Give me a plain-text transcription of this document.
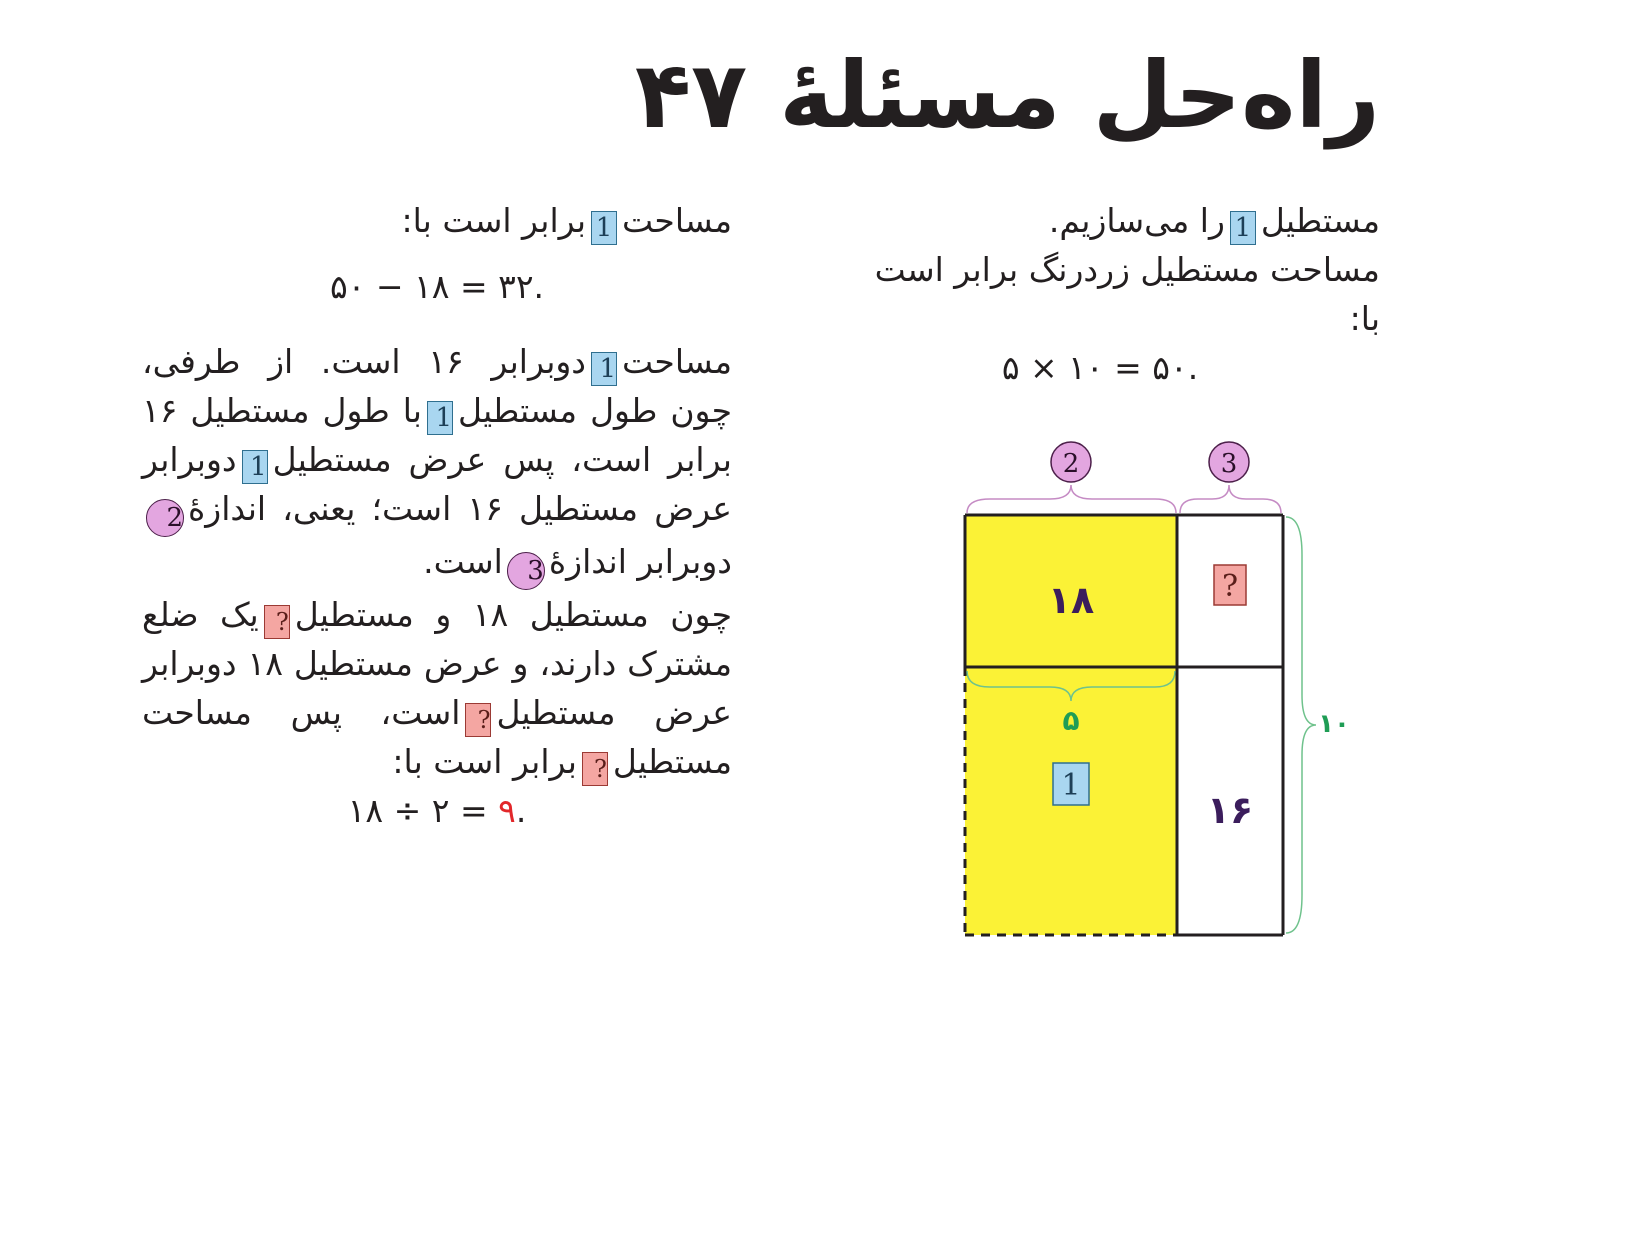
راه‌حل مسئلهٔ ۴۷

مستطیل1را می‌سازیم.

مساحت مستطیل زردرنگ برابر است

با:

۵ × ۱۰ = ۵۰.

مساحت1برابر است با:

۵۰ − ۱۸ = ۳۲.

مساحت1دوبرابر ۱۶ است. از طرفی، چون طول مستطیل1با طول مستطیل ۱۶ برابر است، پس عرض مستطیل1دوبرابر عرض مستطیل ۱۶ است؛ یعنی، اندازهٔ2دوبرابر اندازهٔ3است.

چون مستطیل ۱۸ و مستطیل?یک ضلع مشترک دارند، و عرض مستطیل ۱۸ دوبرابر عرض مستطیل?است، پس مساحت مستطیل?برابر است با:

۱۸ ÷ ۲ = ۹.

2	3
۱۸
۱۶
۵	۱۰
?
1
